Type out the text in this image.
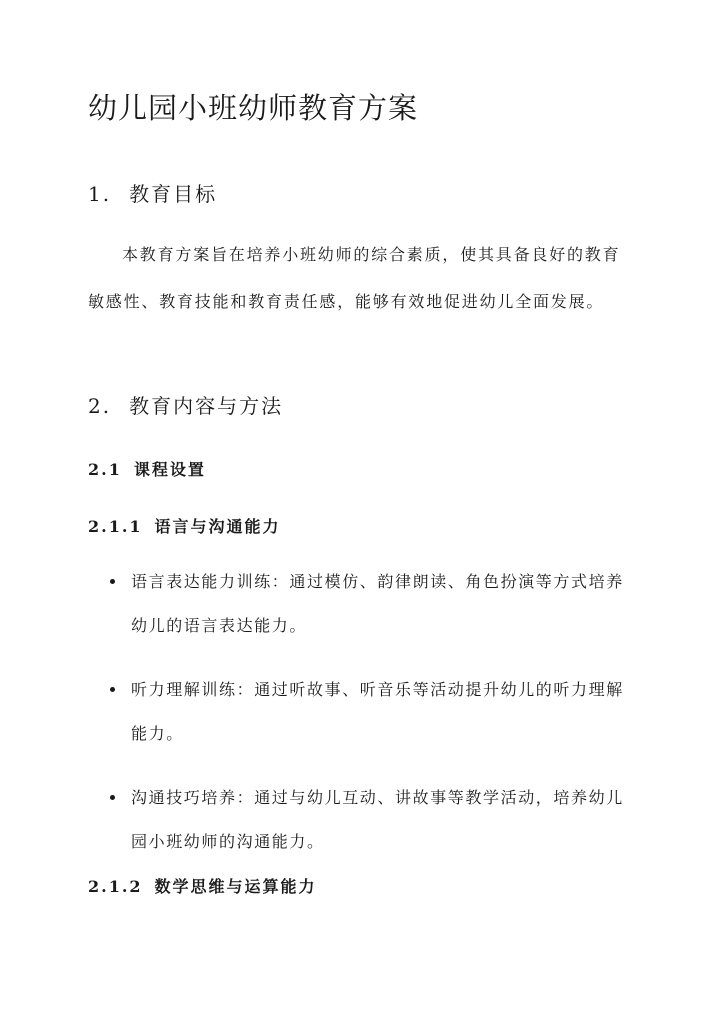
幼儿园小班幼师教育方案
1. 教育目标

本教育方案旨在培养小班幼师的综合素质，使其具备良好的教育敏感性、教育技能和教育责任感，能够有效地促进幼儿全面发展。

2. 教育内容与方法
2.1 课程设置
2.1.1 语言与沟通能力
语言表达能力训练：通过模仿、韵律朗读、角色扮演等方式培养幼儿的语言表达能力。
听力理解训练：通过听故事、听音乐等活动提升幼儿的听力理解能力。
沟通技巧培养：通过与幼儿互动、讲故事等教学活动，培养幼儿园小班幼师的沟通能力。
2.1.2 数学思维与运算能力
